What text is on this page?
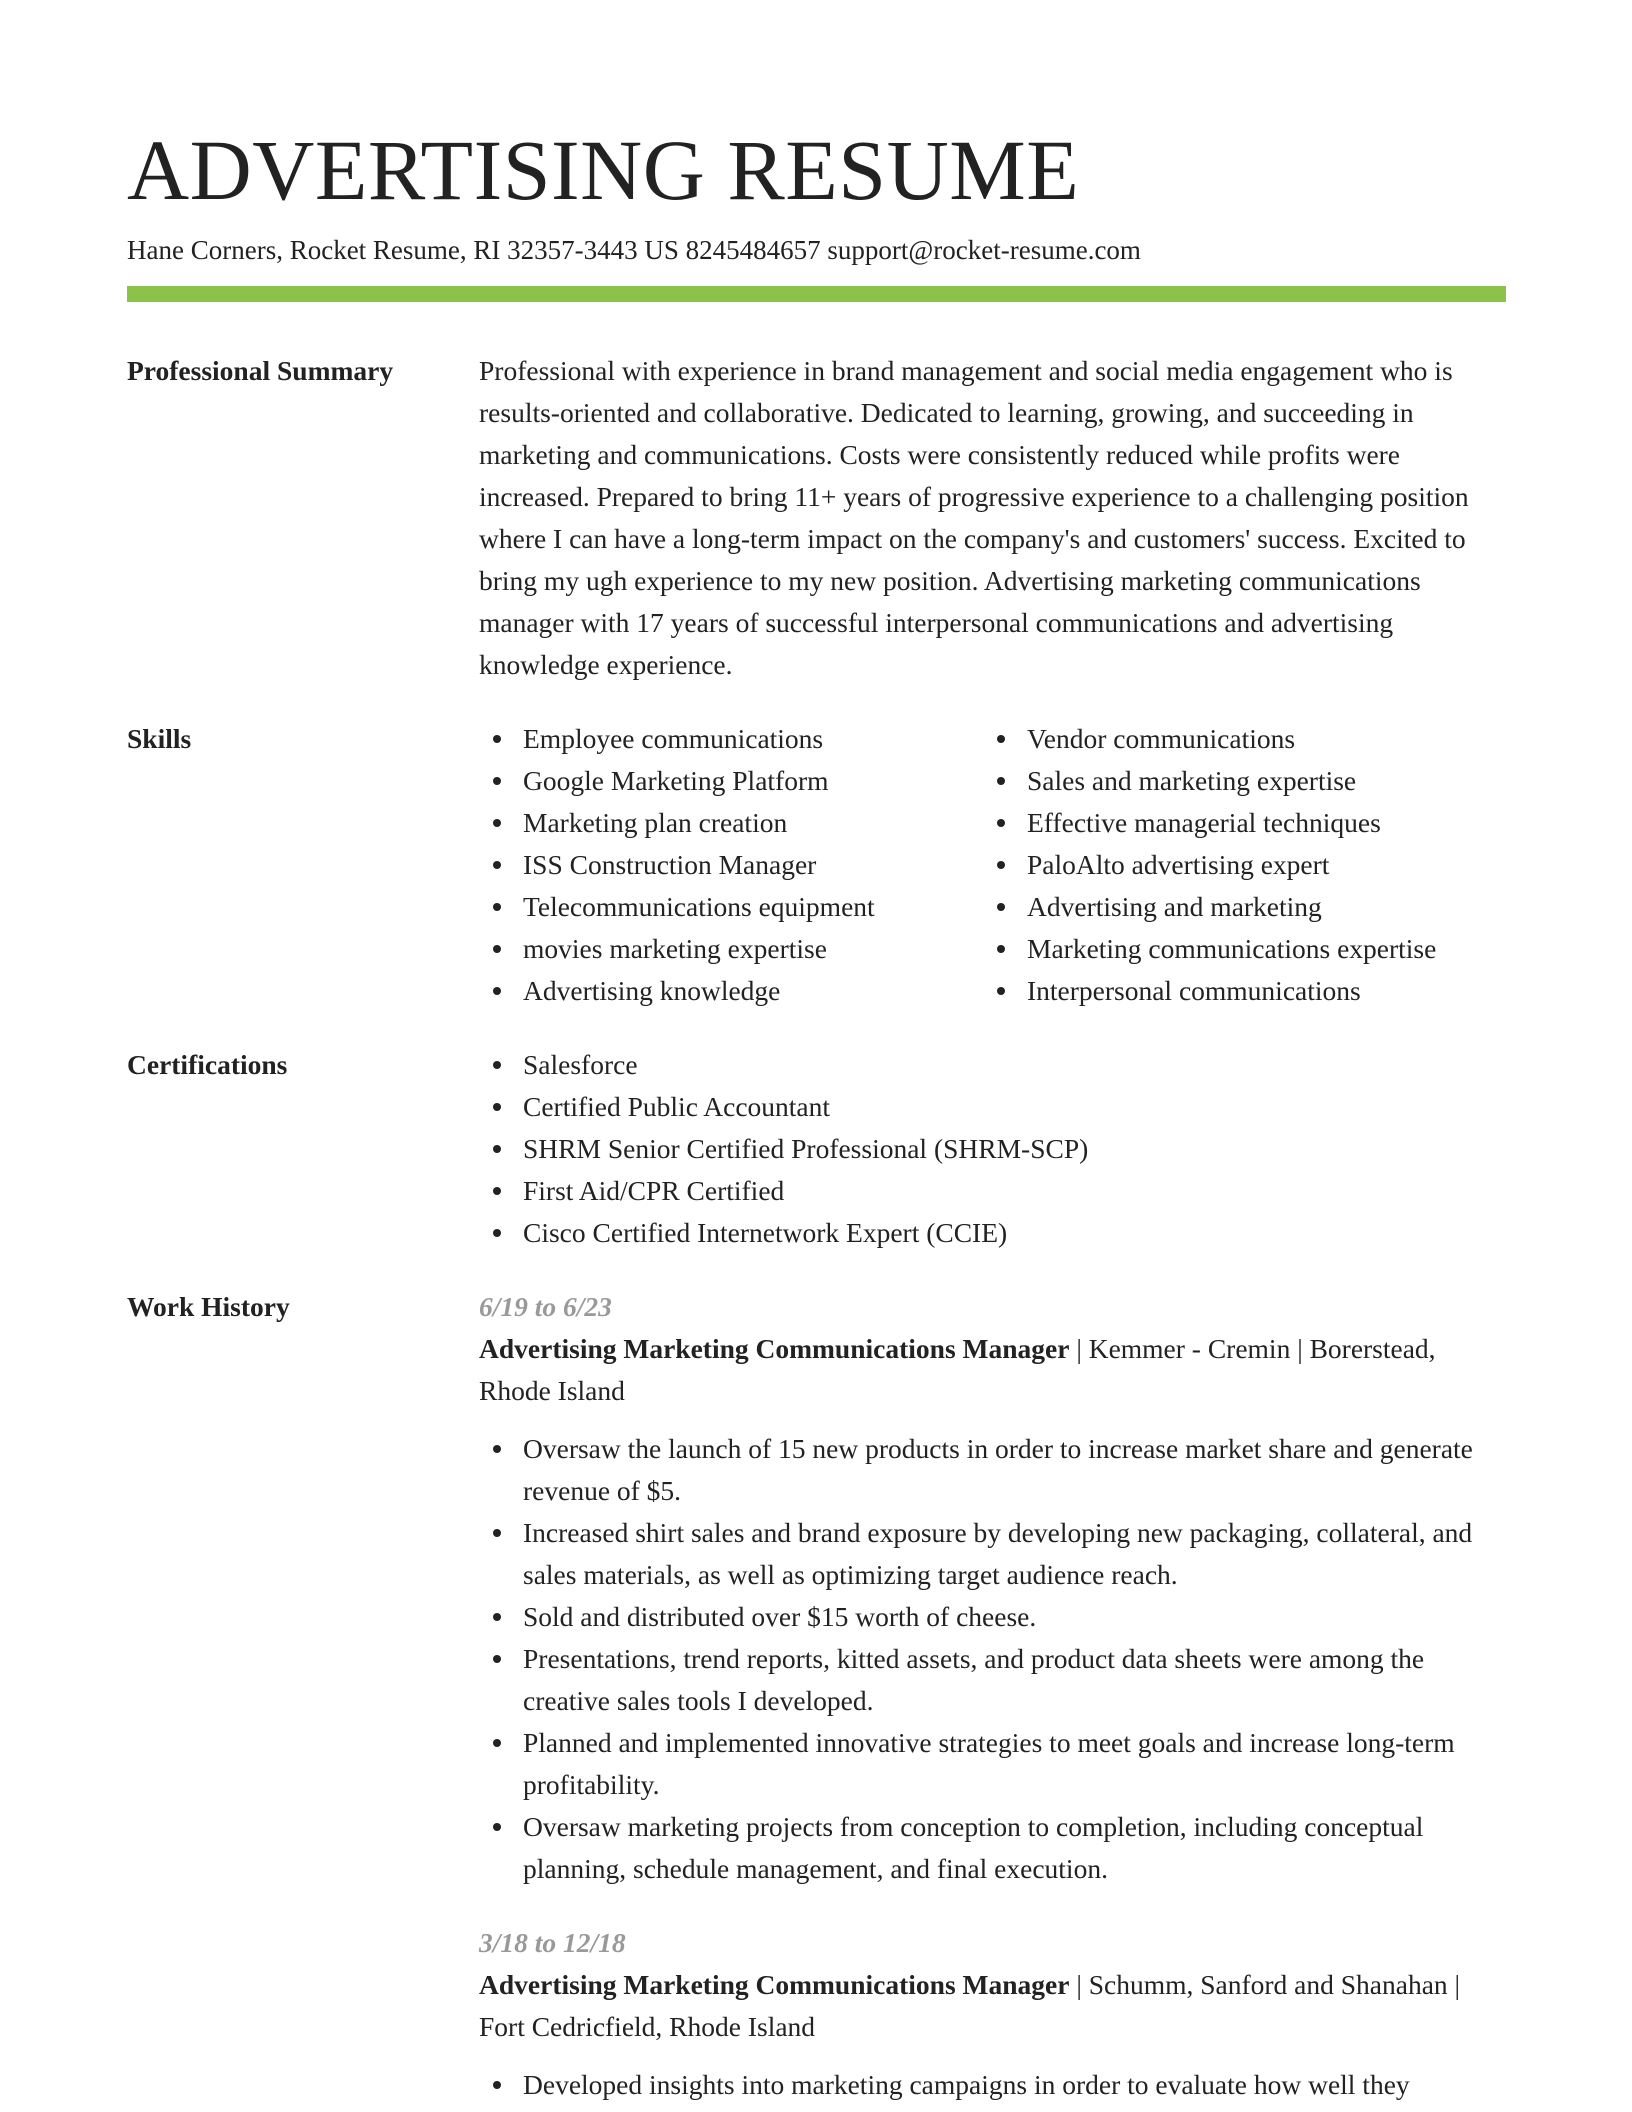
ADVERTISING RESUME
Hane Corners, Rocket Resume, RI 32357-3443 US 8245484657 support@rocket-resume.com
Professional Summary	Professional with experience in brand management and social media engagement who is results-oriented and collaborative. Dedicated to learning, growing, and succeeding in marketing and communications. Costs were consistently reduced while profits were increased. Prepared to bring 11+ years of progressive experience to a challenging position where I can have a long-term impact on the company's and customers' success. Excited to bring my ugh experience to my new position. Advertising marketing communications manager with 17 years of successful interpersonal communications and advertising knowledge experience.

Skills	Employee communications
Google Marketing Platform
Marketing plan creation
ISS Construction Manager
Telecommunications equipment
movies marketing expertise
Advertising knowledge
Vendor communications
Sales and marketing expertise
Effective managerial techniques
PaloAlto advertising expert
Advertising and marketing
Marketing communications expertise
Interpersonal communications
Certifications	Salesforce
Certified Public Accountant
SHRM Senior Certified Professional (SHRM-SCP)
First Aid/CPR Certified
Cisco Certified Internetwork Expert (CCIE)
Work History	6/19 to 6/23
Advertising Marketing Communications Manager | Kemmer - Cremin | Borerstead, Rhode Island
Oversaw the launch of 15 new products in order to increase market share and generate revenue of $5.
Increased shirt sales and brand exposure by developing new packaging, collateral, and sales materials, as well as optimizing target audience reach.
Sold and distributed over $15 worth of cheese.
Presentations, trend reports, kitted assets, and product data sheets were among the creative sales tools I developed.
Planned and implemented innovative strategies to meet goals and increase long-term profitability.
Oversaw marketing projects from conception to completion, including conceptual planning, schedule management, and final execution.
3/18 to 12/18
Advertising Marketing Communications Manager | Schumm, Sanford and Shanahan | Fort Cedricfield, Rhode Island
Developed insights into marketing campaigns in order to evaluate how well they
